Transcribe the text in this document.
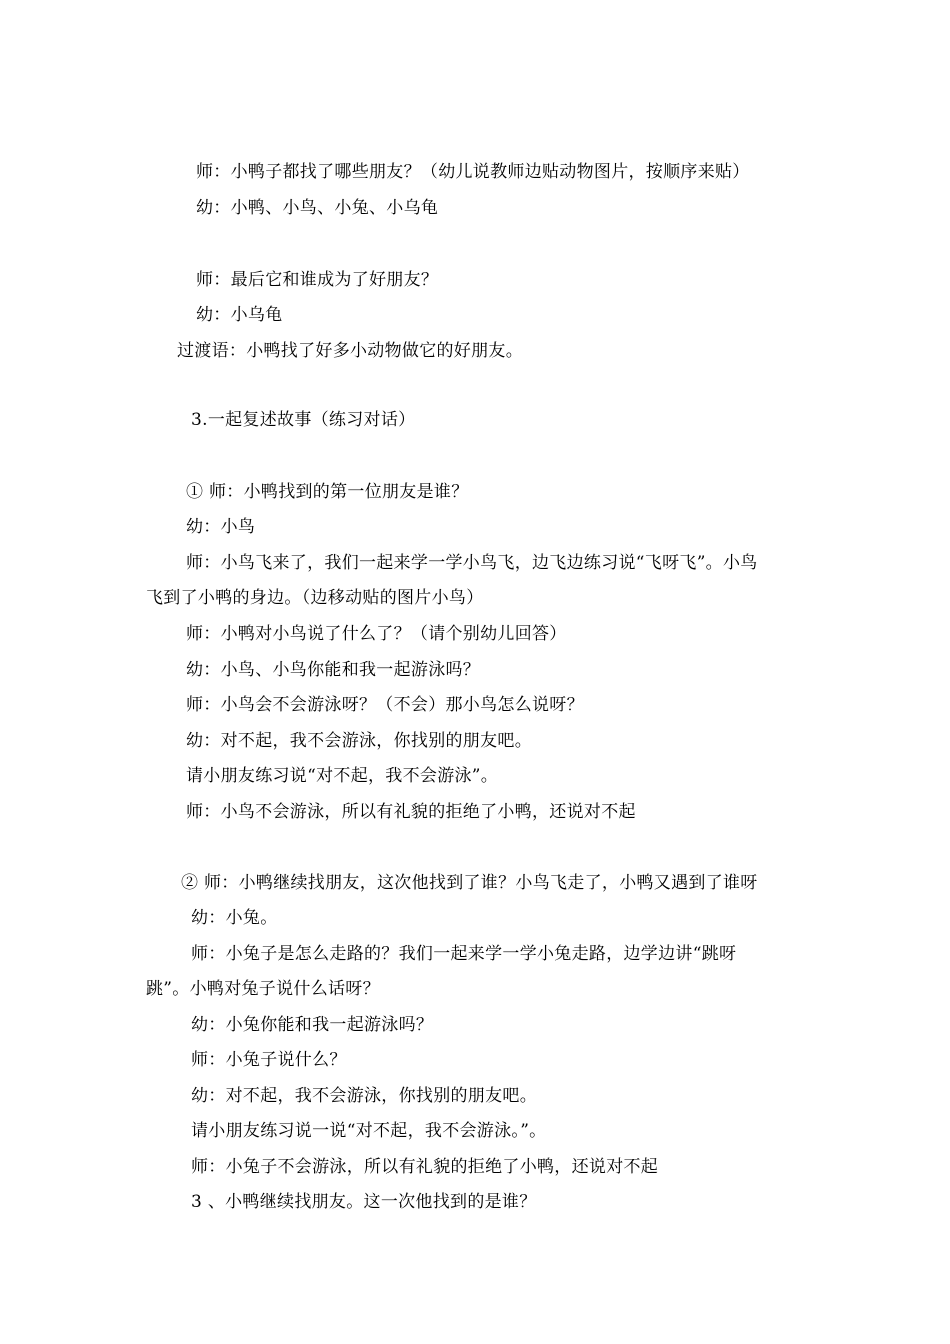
师：小鸭子都找了哪些朋友？（幼儿说教师边贴动物图片，按顺序来贴）
幼：小鸭、小鸟、小兔、小乌龟
师：最后它和谁成为了好朋友？
幼：小乌龟
过渡语：小鸭找了好多小动物做它的好朋友。
3.一起复述故事（练习对话）
① 师：小鸭找到的第一位朋友是谁？
幼：小鸟
师：小鸟飞来了，我们一起来学一学小鸟飞，边飞边练习说“飞呀飞”。小鸟
飞到了小鸭的身边。（边移动贴的图片小鸟）
师：小鸭对小鸟说了什么了？（请个别幼儿回答）
幼：小鸟、小鸟你能和我一起游泳吗？
师：小鸟会不会游泳呀？（不会）那小鸟怎么说呀？
幼：对不起，我不会游泳，你找别的朋友吧。
请小朋友练习说“对不起，我不会游泳”。
师：小鸟不会游泳，所以有礼貌的拒绝了小鸭，还说对不起
② 师：小鸭继续找朋友，这次他找到了谁？小鸟飞走了，小鸭又遇到了谁呀
幼：小兔。
师：小兔子是怎么走路的？我们一起来学一学小兔走路，边学边讲“跳呀
跳”。小鸭对兔子说什么话呀？
幼：小兔你能和我一起游泳吗？
师：小兔子说什么？
幼：对不起，我不会游泳，你找别的朋友吧。
请小朋友练习说一说“对不起，我不会游泳。”。
师：小兔子不会游泳，所以有礼貌的拒绝了小鸭，还说对不起
3 、小鸭继续找朋友。这一次他找到的是谁？
